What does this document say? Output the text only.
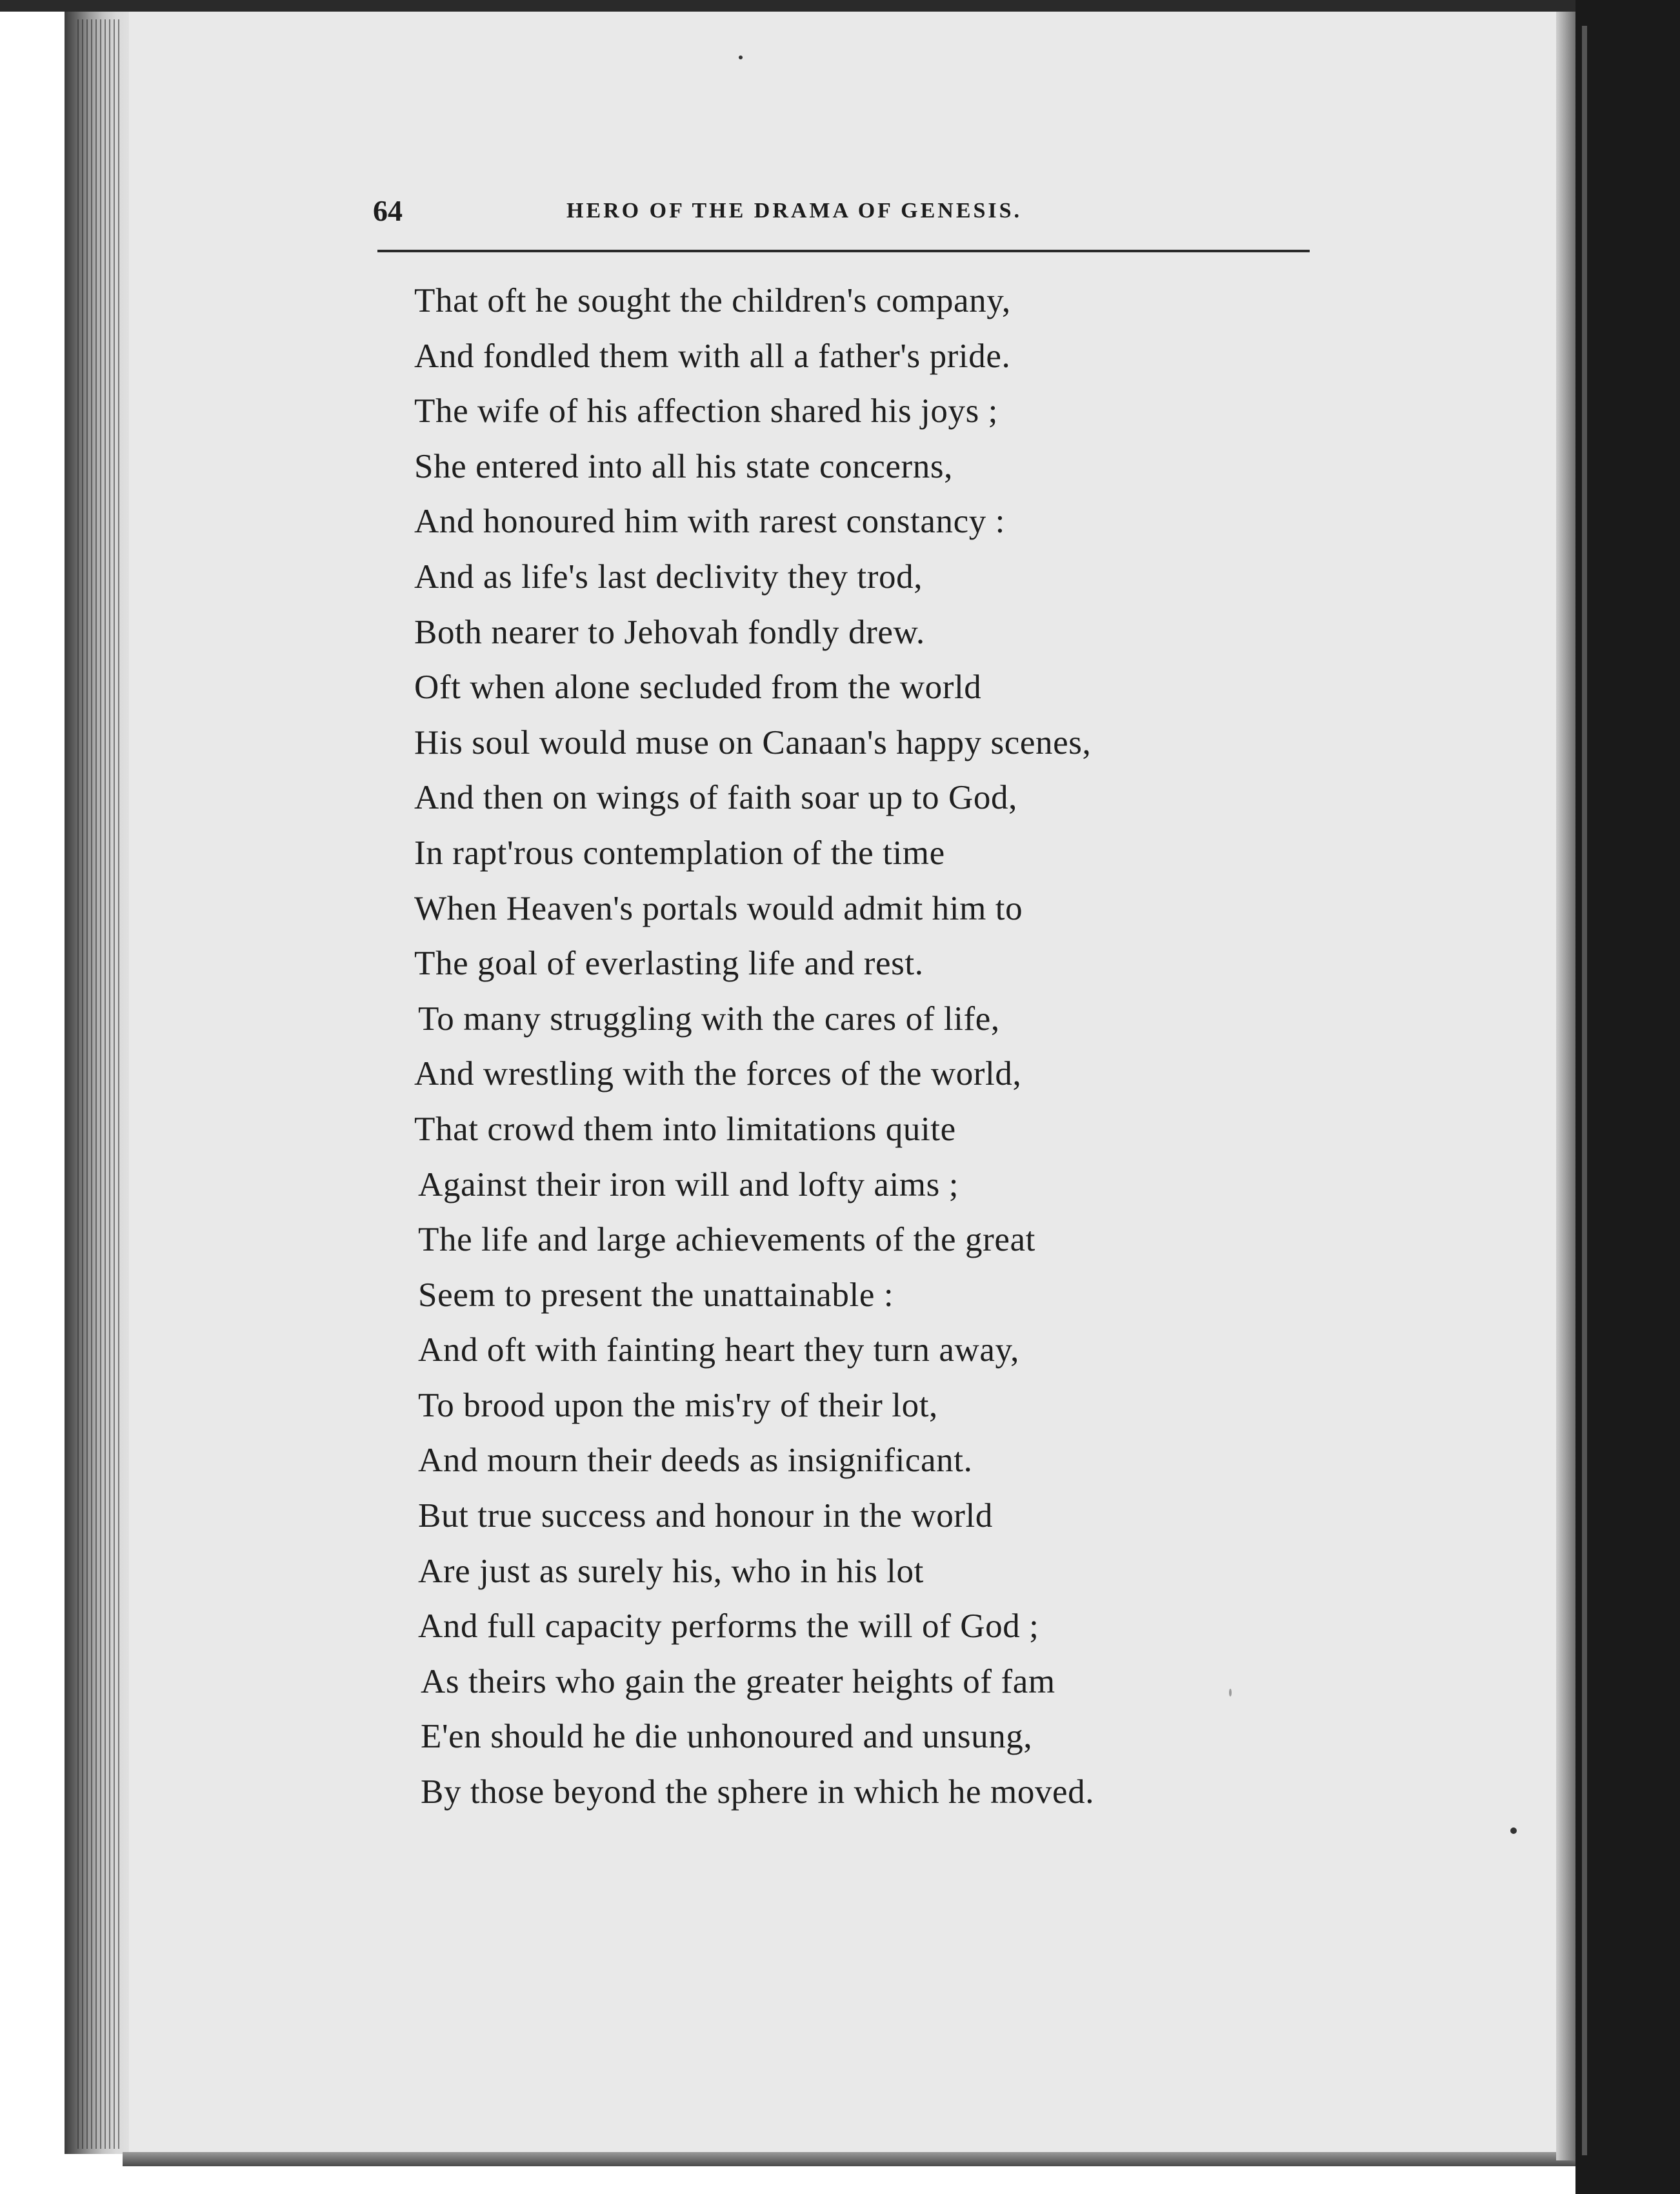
64	HERO OF THE DRAMA OF GENESIS.
That oft he sought the children's company,
And fondled them with all a father's pride.
The wife of his affection shared his joys ;
She entered into all his state concerns,
And honoured him with rarest constancy :
And as life's last declivity they trod,
Both nearer to Jehovah fondly drew.
Oft when alone secluded from the world
His soul would muse on Canaan's happy scenes,
And then on wings of faith soar up to God,
In rapt'rous contemplation of the time
When Heaven's portals would admit him to
The goal of everlasting life and rest.
To many struggling with the cares of life,
And wrestling with the forces of the world,
That crowd them into limitations quite
Against their iron will and lofty aims ;
The life and large achievements of the great
Seem to present the unattainable :
And oft with fainting heart they turn away,
To brood upon the mis'ry of their lot,
And mourn their deeds as insignificant.
But true success and honour in the world
Are just as surely his, who in his lot
And full capacity performs the will of God ;
As theirs who gain the greater heights of fam
E'en should he die unhonoured and unsung,
By those beyond the sphere in which he moved.
